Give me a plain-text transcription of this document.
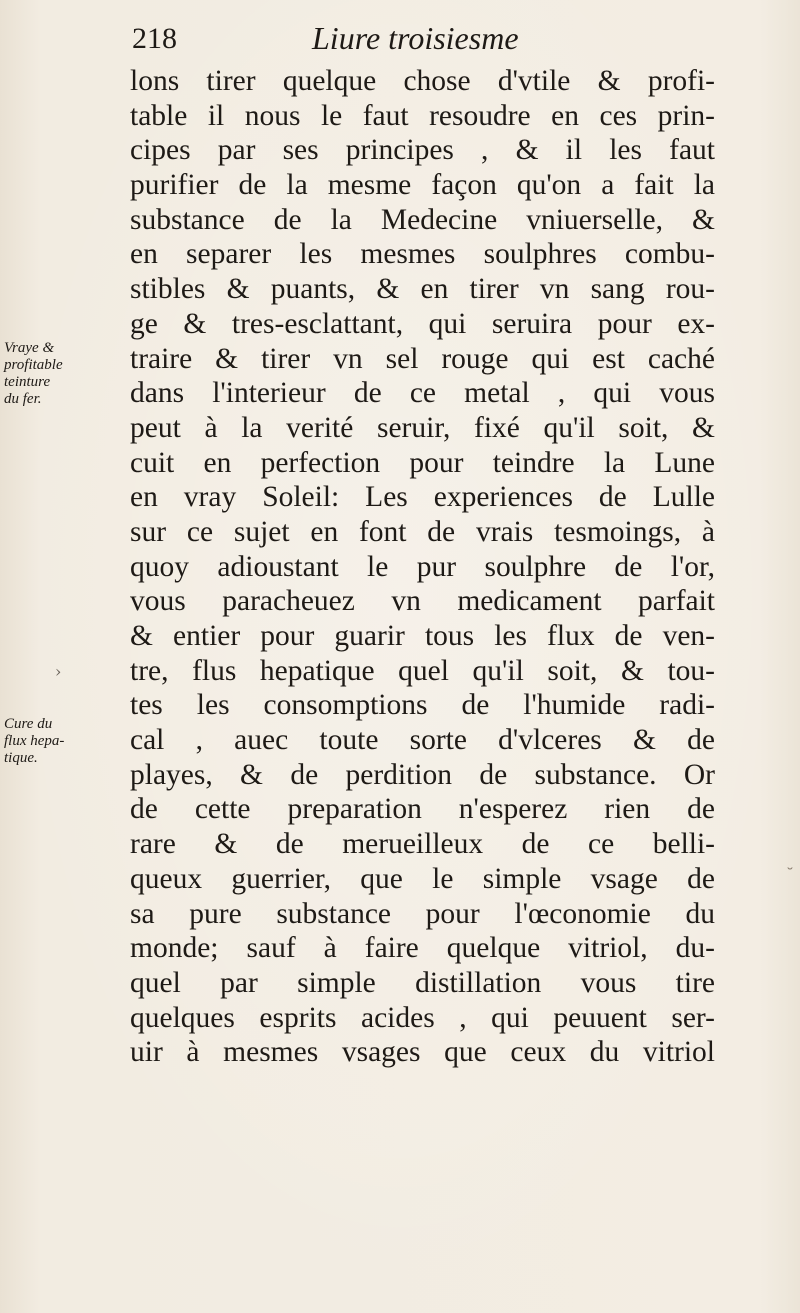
218	Liure troisiesme
Vraye &
profitable
teinture
du fer.
Cure du
flux hepa-
tique.
›
˘
lons tirer quelque chose d'vtile & profi-
table il nous le faut resoudre en ces prin-
cipes par ses principes , & il les faut
purifier de la mesme façon qu'on a fait la
substance de la Medecine vniuerselle, &
en separer les mesmes soulphres combu-
stibles & puants, & en tirer vn sang rou-
ge & tres-esclattant, qui seruira pour ex-
traire & tirer vn sel rouge qui est caché
dans l'interieur de ce metal , qui vous
peut à la verité seruir, fixé qu'il soit, &
cuit en perfection pour teindre la Lune
en vray Soleil: Les experiences de Lulle
sur ce sujet en font de vrais tesmoings, à
quoy adioustant le pur soulphre de l'or,
vous paracheuez vn medicament parfait
& entier pour guarir tous les flux de ven-
tre, flus hepatique quel qu'il soit, & tou-
tes les consomptions de l'humide radi-
cal , auec toute sorte d'vlceres & de
playes, & de perdition de substance. Or
de cette preparation n'esperez rien de
rare & de merueilleux de ce belli-
queux guerrier, que le simple vsage de
sa pure substance pour l'œconomie du
monde; sauf à faire quelque vitriol, du-
quel par simple distillation vous tire
quelques esprits acides , qui peuuent ser-
uir à mesmes vsages que ceux du vitriol
